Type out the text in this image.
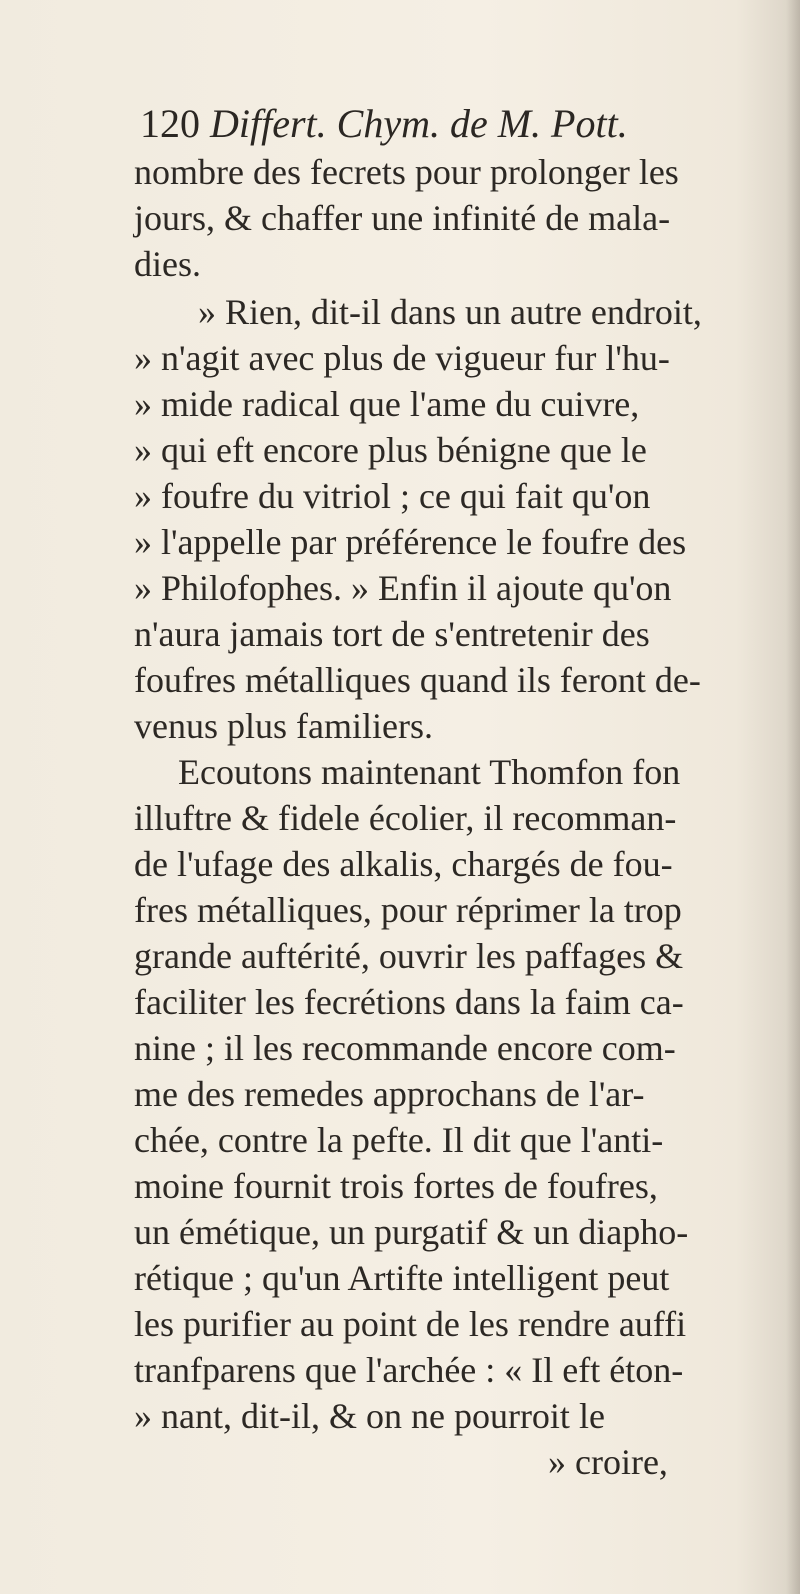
120 Differt. Chym. de M. Pott.
nombre des fecrets pour prolonger les
jours, & chaffer une infinité de mala-
dies.
» Rien, dit-il dans un autre endroit,
» n'agit avec plus de vigueur fur l'hu-
» mide radical que l'ame du cuivre,
» qui eft encore plus bénigne que le
» foufre du vitriol ; ce qui fait qu'on
» l'appelle par préférence le foufre des
» Philofophes. » Enfin il ajoute qu'on
n'aura jamais tort de s'entretenir des
foufres métalliques quand ils feront de-
venus plus familiers.
Ecoutons maintenant Thomfon fon
illuftre & fidele écolier, il recomman-
de l'ufage des alkalis, chargés de fou-
fres métalliques, pour réprimer la trop
grande auftérité, ouvrir les paffages &
faciliter les fecrétions dans la faim ca-
nine ; il les recommande encore com-
me des remedes approchans de l'ar-
chée, contre la pefte. Il dit que l'anti-
moine fournit trois fortes de foufres,
un émétique, un purgatif & un diapho-
rétique ; qu'un Artifte intelligent peut
les purifier au point de les rendre auffi
tranfparens que l'archée : « Il eft éton-
» nant, dit-il, & on ne pourroit le
» croire,
